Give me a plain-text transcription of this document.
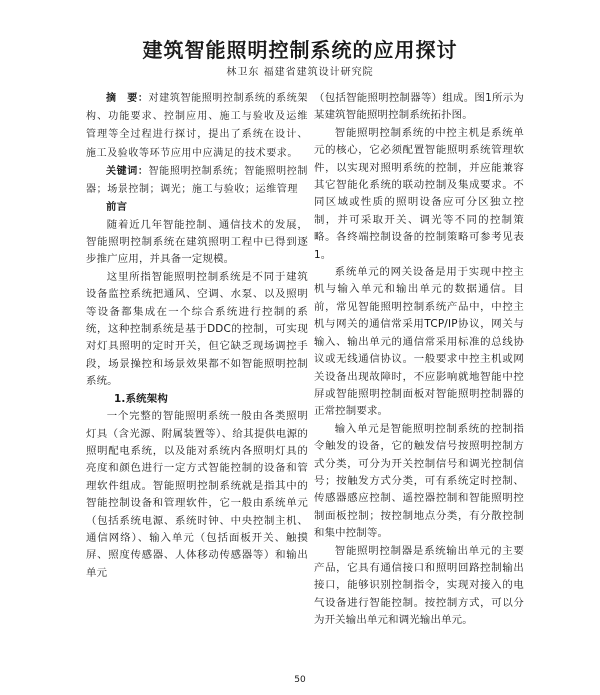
建筑智能照明控制系统的应用探讨
林卫东 福建省建筑设计研究院

摘　要：对建筑智能照明控制系统的系统架构、功能要求、控制应用、施工与验收及运维管理等全过程进行探讨，提出了系统在设计、施工及验收等环节应用中应满足的技术要求。

关键词：智能照明控制系统；智能照明控制器；场景控制；调光；施工与验收；运维管理

前言

随着近几年智能控制、通信技术的发展，智能照明控制系统在建筑照明工程中已得到逐步推广应用，并具备一定规模。

这里所指智能照明控制系统是不同于建筑设备监控系统把通风、空调、水泵、以及照明等设备都集成在一个综合系统进行控制的系统，这种控制系统是基于DDC的控制，可实现对灯具照明的定时开关，但它缺乏现场调控手段，场景操控和场景效果都不如智能照明控制系统。

1.系统架构

一个完整的智能照明系统一般由各类照明灯具（含光源、附属装置等）、给其提供电源的照明配电系统，以及能对系统内各照明灯具的亮度和颜色进行一定方式智能控制的设备和管理软件组成。智能照明控制系统就是指其中的智能控制设备和管理软件，它一般由系统单元（包括系统电源、系统时钟、中央控制主机、通信网络）、输入单元（包括面板开关、触摸屏、照度传感器、人体移动传感器等）和输出单元

（包括智能照明控制器等）组成。图1所示为某建筑智能照明控制系统拓扑图。

智能照明控制系统的中控主机是系统单元的核心，它必须配置智能照明系统管理软件，以实现对照明系统的控制，并应能兼容其它智能化系统的联动控制及集成要求。不同区域或性质的照明设备应可分区独立控制，并可采取开关、调光等不同的控制策略。各终端控制设备的控制策略可参考见表1。

系统单元的网关设备是用于实现中控主机与输入单元和输出单元的数据通信。目前，常见智能照明控制系统产品中，中控主机与网关的通信常采用TCP/IP协议，网关与输入、输出单元的通信常采用标准的总线协议或无线通信协议。一般要求中控主机或网关设备出现故障时，不应影响就地智能中控屏或智能照明控制面板对智能照明控制器的正常控制要求。

输入单元是智能照明控制系统的控制指令触发的设备，它的触发信号按照明控制方式分类，可分为开关控制信号和调光控制信号；按触发方式分类，可有系统定时控制、传感器感应控制、遥控器控制和智能照明控制面板控制；按控制地点分类，有分散控制和集中控制等。

智能照明控制器是系统输出单元的主要产品，它具有通信接口和照明回路控制输出接口，能够识别控制指令，实现对接入的电气设备进行智能控制。按控制方式，可以分为开关输出单元和调光输出单元。

50
